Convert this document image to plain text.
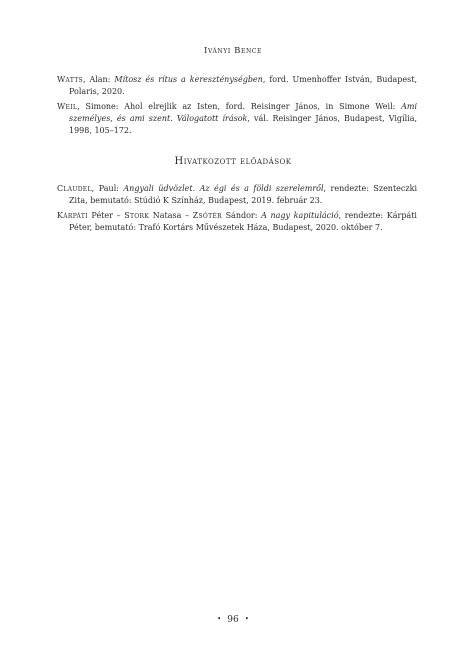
Iványi Bence

Watts, Alan: Mítosz és rítus a kereszténységben, ford. Umenhoffer István, Budapest, Polaris, 2020.

Weil, Simone: Ahol elrejlik az Isten, ford. Reisinger János, in Simone Weil: Ami személyes, és ami szent. Válogatott írások, vál. Reisinger János, Budapest, Vigília, 1998, 105–172.

Hivatkozott előadások

Claudel, Paul: Angyali üdvözlet. Az égi és a földi szerelemről, rendezte: Szenteczki Zita, bemutató: Stúdió K Színház, Budapest, 2019. február 23.

Kárpáti Péter – Stork Natasa – Zsótér Sándor: A nagy kapituláció, rendezte: Kárpáti Péter, bemutató: Trafó Kortárs Művészetek Háza, Budapest, 2020. október 7.

• 96 •
